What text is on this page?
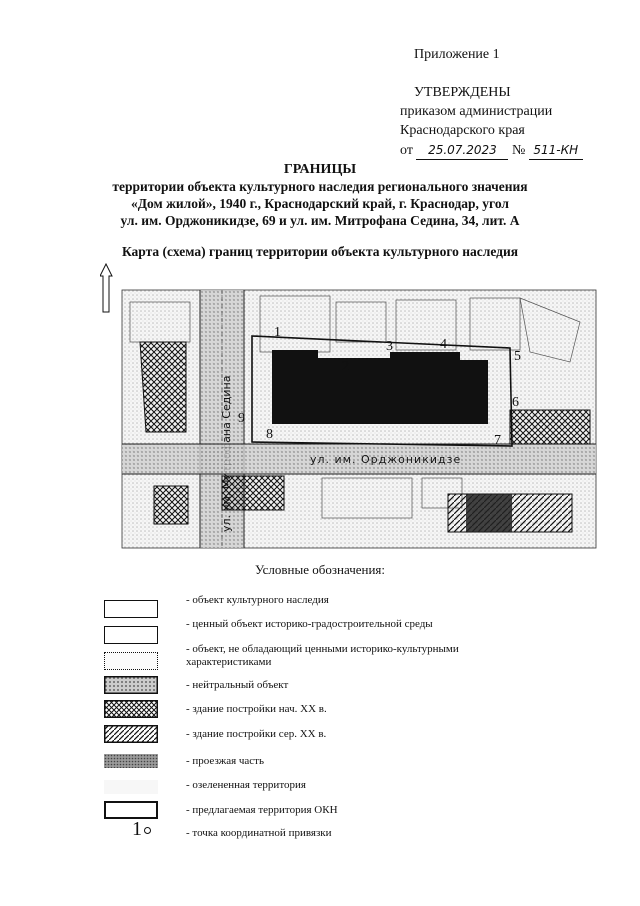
Приложение 1
УТВЕРЖДЕНЫ
приказом администрации
Краснодарского края
от 25.07.2023 № 511-КН
ГРАНИЦЫ
территории объекта культурного наследия регионального значения
«Дом жилой», 1940 г., Краснодарский край, г. Краснодар, угол
ул. им. Орджоникидзе, 69 и ул. им. Митрофана Седина, 34, лит. А
Карта (схема) границ территории объекта культурного наследия
ул. им. Орджоникидзе
1
2
3	4
5
6
7
8
9
Условные обозначения:
- объект культурного наследия
- ценный объект историко-градостроительной среды
- объект, не обладающий ценными историко-культурными характеристиками
- нейтральный объект
- здание постройки нач. XX в.
- здание постройки сер. XX в.
- проезжая часть
- озелененная территория
- предлагаемая территория ОКН
1	- точка координатной привязки
